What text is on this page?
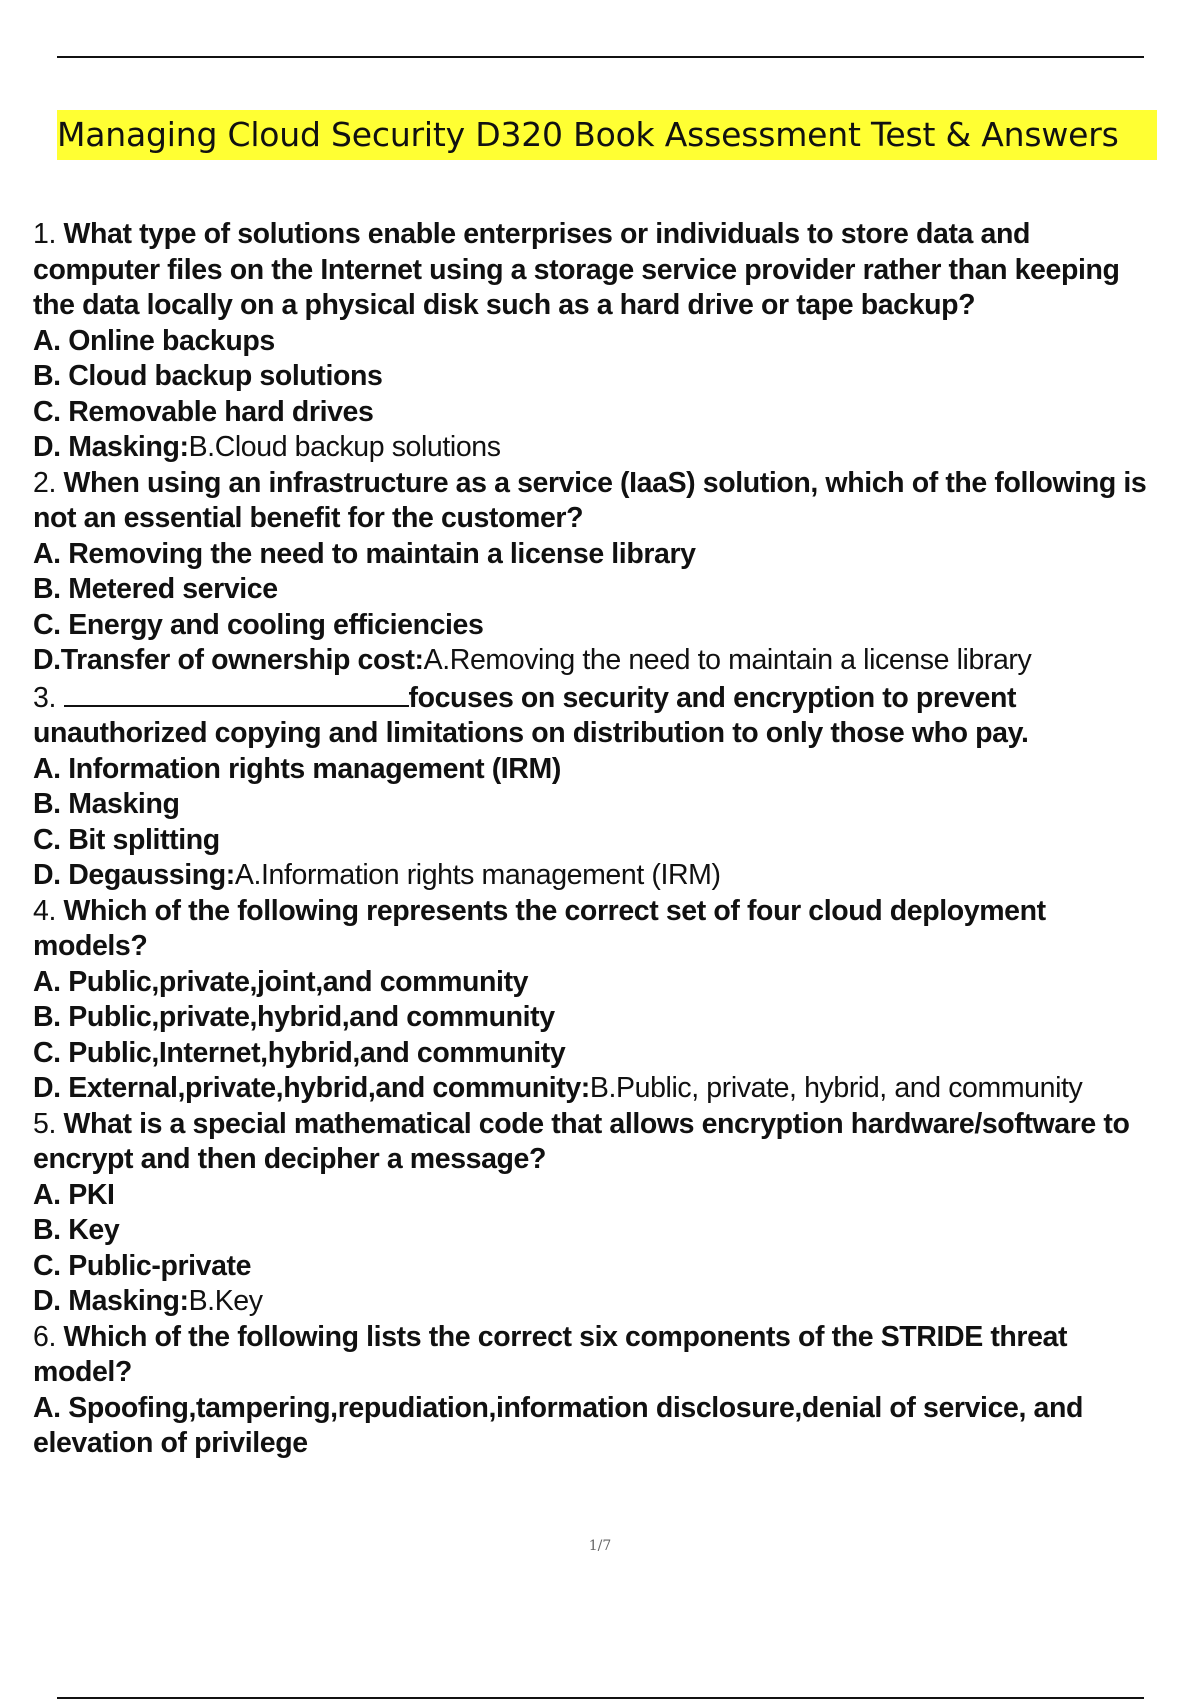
Managing Cloud Security D320 Book Assessment Test & Answers

1. What type of solutions enable enterprises or individuals to store data and computer files on the Internet using a storage service provider rather than keeping the data locally on a physical disk such as a hard drive or tape backup?

A. Online backups

B. Cloud backup solutions

C. Removable hard drives

D. Masking:B.Cloud backup solutions

2. When using an infrastructure as a service (IaaS) solution, which of the following is not an essential benefit for the customer?

A. Removing the need to maintain a license library

B. Metered service

C. Energy and cooling efficiencies

D.Transfer of ownership cost:A.Removing the need to maintain a license library

3.	focuses on security and encryption to prevent unauthorized copying and limitations on distribution to only those who pay.

A. Information rights management (IRM)

B. Masking

C. Bit splitting

D. Degaussing:A.Information rights management (IRM)

4. Which of the following represents the correct set of four cloud deployment models?

A. Public,private,joint,and community

B. Public,private,hybrid,and community

C. Public,Internet,hybrid,and community

D. External,private,hybrid,and community:B.Public, private, hybrid, and community

5. What is a special mathematical code that allows encryption hardware/software to encrypt and then decipher a message?

A. PKI

B. Key

C. Public-private

D. Masking:B.Key

6. Which of the following lists the correct six components of the STRIDE threat model?

A. Spoofing,tampering,repudiation,information disclosure,denial of service, and elevation of privilege

1/7
